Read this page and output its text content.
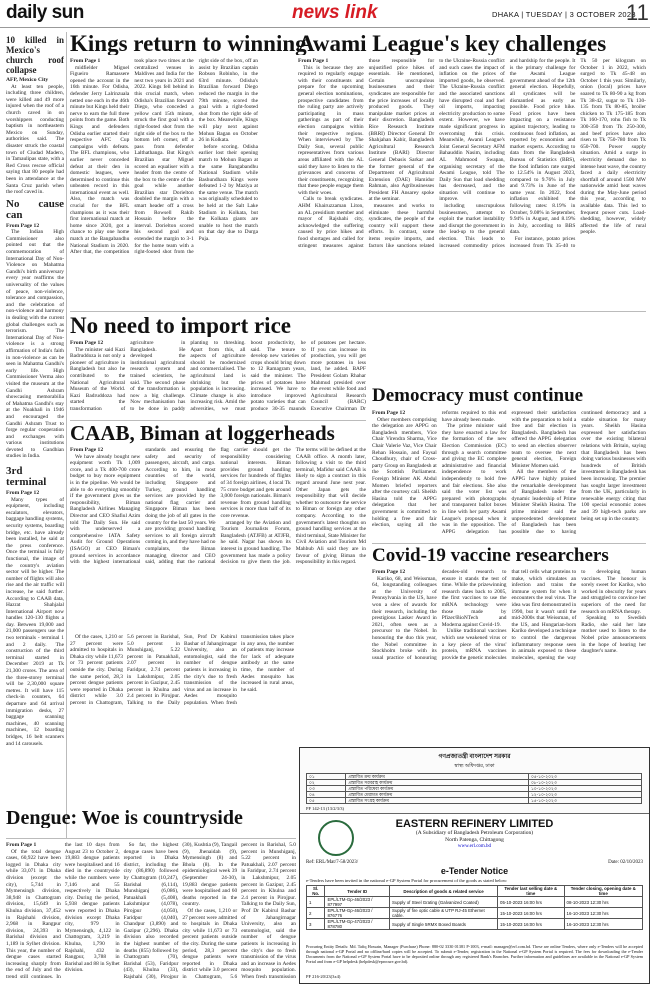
daily sun	news link	DHAKA | TUESDAY | 3 OCTOBER 2023
11
10 killed in Mexico's church roof collapse
AFP, Mexico City

At least ten people, including three children, were killed and 49 more injured when the roof of a church caved in on worshippers conducting baptism in northeastern Mexico on Sunday, authorities said. The disaster struck the coastal town of Ciudad Madero, in Tamaulipas state, with a Red Cross rescue official saying that 80 people had been in attendance at the Santa Cruz parish when the roof caved in.

No cause can
From Page 12

The Indian High Commissioner also pointed out that the commemoration of International Day of Non-Violence on Mahatma Gandhi's birth anniversary every year reaffirms the universality of the values of peace, non-violence, tolerance and compassion, and the celebration of non-violence and harmony in dealing with the current global challenges such as terrorism. The International Day of Non-violence is a strong affirmation of India's faith in non-violence as can be seen in Mahatma Gandhi's early life. High Commissioner Verma also visited the museum at the Gandhi Ashram showcasing memorabilia of Mahatma Gandhi's stay at the Noakhali in 1946 and encouraged the Gandhi Ashram Trust to forge regular cooperation and exchanges with various institutions devoted to Gandhian studies in India.

3rd terminal
From Page 12

Many types of equipment, including escalators, elevators, baggage handling systems, security systems, boarding bridge, etc. have already been installed, he said at the press conference. Once the terminal is fully functional, the image of the country's aviation sector will be higher. The number of flights will also rise and the air traffic will increase, he said further. According to CAAB data, Hazrat Shahjalal International Airport now handles 120-130 flights a day. Between 19,000 and 21,000 passengers use the two terminals - terminal 1 and 2 daily. The construction of the third terminal started in December 2019 at Tk 21,300 crores. The area of the three-storey terminal will be 2,30,000 square metres. It will have 115 check-in counters, 64 departure and 64 arrival immigration desks, 27 baggage scanning machines, 40 scanning machines, 12 boarding bridges, 16 belt scanners and 14 carousels.

Kings return to winning
From Page 1

midfielder Miguel Figueiro Ramassere opened the account in the 16th minute. For Odisha, defender Jerry Lalrinzuala netted one each in the 46th minute but Kings held their nerve to earn the full three points from the game. Both Kings and defenders Odisha earlier started their respective AFC Cup campaigns with defeats. The BFL champions, who earlier never conceded defeat at their den in domestic leagues, were determined to continue this unbeaten record in this international event as well. Also, the match was crucial for the BFL champions as it was their first international match at home since 2020, got a chance to play one home match at the Bangabandhu National Stadium in 2020. After that, the competition took place two times at the centralized venues in Maldives and India for the next two years in 2021 and 2022. Kings fell behind in this crucial match, when Odisha's Brazilian forward Diego, who conceded a yellow card 15th minute, struck the first goal with a right-footed shot from the right side of the box to the bottom left corner, off a pass from defender Lalthathanga. But Kings's Brazilian star Miguel scored an equaliser with a header from the centre of the box to the centre of the goal while another Brazilian star Dorielton doubled the margin with a smart header off a cross from Rowsell Rakib Hossain before the interval. Dorielton scored his second goal and extended the margin to 3-1 for the home team with a right-footed shot from the right side of the box, off an assist by Brazilian captain Robson Robinho, in the 63rd minute. Odisha's Brazilian forward Diego reduced the margin in the 79th minute, scored the goal with a right-footed shot from the right side of the box. Meanwhile, Kings will play next against Mohun Bagan on October 26 in Kolkata.

before scoring. Odisha earlier lost their opening match to Mohun Bagan at the same Bangabandhu National Stadium while Bashundhara Kings were defeated 1-2 by Maziya at the same venue. The match was originally scheduled to be held at the Salt Lake Stadium in Kolkata, but the Kolkata giants are unable to host the match on that day due to Durga Puja.

Awami League's key challenges
From Page 1

This is because they are required to regularly engage with their constituents and prepare for the upcoming general election nominations, prospective candidates from the ruling party are actively participating in mass gatherings as part of their election campaigns within their respective regions. When interviewed by The Daily Sun, several public representatives from various areas affiliated with the AL said they have to listen to the grievances and concerns of their constituents, recognizing that these people engage them with their woes.

Calls to break syndicates. AHM Khairuzzaman Liton, an AL presidium member and mayor of Rajshahi city, acknowledged the suffering caused by price hikes and food shortages and called for stringent measures against those responsible for unjustified price hikes of essentials. He mentioned, Certain unscrupulous businessmen and their syndicates are responsible for the price increases of locally produced goods. They manipulate market prices at their discretion. Bangladesh Rice Research Institute (BRRI) Director General Dr Shahjahan Kabir, Bangladesh Agricultural Research Institute (BARI) Director General Debasis Sarkar and the former general of the Department of Agricultural Extension (DAE) Hamidur Rahman, also Agribusinesses President FH Ansarey spoke at the seminar.

measures and works to eliminate these harmful syndicates, the people of the country will support these efforts. In contrast, some items require imports, and factors like sanctions related to the Ukraine-Russia conflict and such cases the impact of inflation on the prices of imported goods, he observed. The Ukraine-Russia conflict and the associated sanctions have disrupted coal and fuel oil imports, impacting electricity production to some extent. However, we have made significant progress in overcoming this crisis. Meanwhile, Awami League's Joint General Secretary AFM Bahauddin Nasim, including AL Mahmood Swapan, organising secretary of the Awami League, told The Daily Sun that load shedding has decreased, and the situation will continue to improve.

including unscrupulous businessmen, attempt to exploit the market instability and disrupt the government in the lead-up to the general election. This leads to increased commodity prices and hardship for the people. It is the primary challenge for the Awami League government ahead of the 12th general election. Hopefully, all syndicates will be dismantled as early as possible. Food price hike. Food prices have been impacting on a resistance against trajectory, leading to continuous food inflation, as reported by economists and market experts. According to data from the Bangladesh Bureau of Statistics (BBS), the food inflation rate surged to 12.54% in August 2023, compared to 9.76% in July and 9.73% in June of the same year. In 2022, food inflation exhibited the following rates: 8.19% in October, 9.08% in September, 9.94% in August, and 8.19% in July, according to BBS data.

For instance, potato prices increased from Tk 35-40 to Tk 50 per kilogram on October 1 in 2022, which surged to Tk 45-48 on October 1 this year. Similarly, onion (local) prices have soared to Tk 80-90 a kg from Tk 38-42, sugar to Tk 130-135 from Tk 80-85, broiler chicken to Tk 175-185 from Tk 160-170, rohu fish to Tk 300-350 from Tk 250-300, and beef prices have also risen to Tk 750-780 from Tk 650-700. Power supply situation. Amid a surge in electricity demand due to intense heat wave, the country faced a daily electricity shortfall of around 1500 MW nationwide amid heat waves during the May-June period this year, according to available data. This led to frequent power cuts. Load-shedding, however, widely affected the life of rural people.

No need to import rice
From Page 12

The minister said Kazi Badruddoza is not only a pioneer of agriculture in Bangladesh but also he contributed to the National Agricultural Museum of the World. Kazi Badruddoza had started the transformation of agriculture in Bangladesh. He developed the institutional agricultural research system and trained scientists, he said. The second phase of the transformation is now a big challenge. Now mechanisation has to be done in paddy planting to threshing. Apart from this, all aspects of agriculture should be modernized and commercialised. The agricultural land is shrinking but the population is increasing. Climate change is also increasing risk. Amid the adversities, we must boost productivity, he said. The tenure to develop new varieties of crops should bring down to 12 Ramagram years, said the minister. The prices of potatoes have increased. We have to introduce improved potato varieties that can produce 30-35 maunds of potatoes per hectare. If you can increase its production, you will get more potatoes in less land, he added. BAPF President Golam Rhahar Mahmud presided over the event while food and Agricultural Research Council (BARC) Executive Chairman Dr

Democracy must continue
From Page 12

Other members comprising the delegation are APPG on Bangladesh members, Vice Chair Virendra Sharma, Vice Chair Valerie Vaz, Vice Chair Rehan Hossain, and Faysal Choudhury, chair of Cross-party Group on Bangladesh at the Scottish Parliament. Foreign Minister AK Abdul Momen briefed reporters after the courtesy call. Sheikh Hasina told the APPG delegation that her government is committed to holding a free and fair election, saying all the reforms required to this end have already been made.

The prime minister said they have enacted a law for the formation of the new Election Commission (EC) through a search committee and giving the EC complete administrative and financial independence to work independently to hold free and fair elections. She also said the voter list was prepared with photographs and transparent ballot boxes in line with her party Awami League's proposal when it was in the opposition. The APPG delegation has expressed their satisfaction with the preparation to hold a free and fair election in Bangladesh. Bangladesh has offered the APPG delegation to send an election observer team to oversee the next general election, Foreign Minister Momen said.

All the members of the APPG have highly praised the remarkable development of Bangladesh under the dynamic leadership of Prime Minister Sheikh Hasina. The prime minister said the unprecedented development of Bangladesh has been possible due to having continued democracy and a stable situation for many years. Sheikh Hasina expressed her satisfaction over the existing bilateral relations with Britain, saying that Bangladesh has been doing various businesses with hundreds of British investment in Bangladesh has been increasing. The premier has sought larger investment from the UK, particularly in renewable energy citing that 100 special economic zones and 39 high-tech parks are being set up in the country.

CAAB, Biman at loggerheads
From Page 12

We have already bought new equipment worth Tk 1,009 crore, and a Tk 400-700 crore budget to buy more equipment is in the pipeline. We would be able to do everything smoothly if the government gives us the responsibility, Biman Bangladesh Airlines Managing Director and CEO Shafiul Azim told The Daily Sun. He said with underserved a comprehensive IATA Safety Audit for Ground Operations (ISAGO) at CEO Biman's ground services in accordance with the highest international standards and ensuring the safety and security of passengers, aircraft, and cargo. According to him, in most countries of the world, including Singapore and Turkey, ground handling services are provided by the national flag carrier and Singapore Biman has been doing the job of all gates in the country for the last 50 years. We are providing ground handling services to all foreign aircraft coming in, and they have had no complaints, the Biman managing director and CEO said, adding that the national flag carrier should get the responsibility considering national interests. Biman provides ground handling services for hundreds of flights of 34 foreign airlines, 4 local Tk 75 crore budget and gets around 3,000 foreign nationals. Biman's revenue from ground handling services is more than half of its core revenue.

arranged by the Aviation and Tourism Journalists Forum, Bangladesh (ATJFB) at ATJFB, he said. Nagar has shown its interest in ground handling. The government has made a policy decision to give them the job. The terms will be defined at the CAAB office. A month later, following a visit to the third terminal, Mafidur said CAAB is likely to sign a contract in this regard around June next year. Other Japan gets the responsibility that will decide whether to outsource the service to Biman or foreign any other company. According to the government's latest thoughts on ground handling services at the third terminal, State Minister for Civil Aviation and Tourism Md Mahbub Ali said they are in favour of giving Biman the responsibility in this regard. Covid-19 vaccine researchers
From Page 12

Kariko, 68, and Weissman, 64, longstanding colleagues at the University of Pennsylvania in the US, have won a slew of awards for their research, including the prestigious Lasker Award in 2021, often seen as a precursor to the Nobel. In honouring the duo this year, the Nobel committee in Stockholm broke with its usual practice of honouring decades-old research to ensure it stands the test of time. While the prizewinning research dates back to 2005, the first vaccines to use the mRNA technology were those made by Pfizer/BioNTech and Moderna against Covid-19.

Unlike traditional vaccines which use weakened virus or a key piece of the virus' protein, mRNA vaccines provide the genetic molecules that tell cells what proteins to make, which simulates an infection and trains the immune system for when it encounters the real virus. The idea was first demonstrated in 1990, but it wasn't until the mid-2000s that Weissman, of the US, and Hungarian-born Kariko developed a technique to control the dangerous inflammatory response seen in animals exposed to these molecules, opening the way to developing human vaccines. The honour is sorely sweet for Kariko, who worked in obscurity for years and struggled to convince her superiors of the need for research on mRNA therapy.

Speaking to Swedish Radio, she said her late mother used to listen to the Nobel prize announcements in the hope of hearing her daughter's name.

Dengue: Woe is countryside
From Page 1

Of the total dengue cases, 60,922 have been logged in Dhaka city while 33,071 in Dhaka division (except the city), 5,744 in Mymensingh division, 38,948 in Chattogram division, 15,649 in Khulna division, 37,452 in Rajshahi division, 2,968 in Rangpur division, 24,393 in Barishal division and 1,189 in Sylhet division. This year, the number of dengue cases started increasing sharply from the end of July and the trend still continues. In the last 10 days from August 23 to October 2, 19,883 dengue patients were hospitalised and 16 died in the countryside while the numbers were 7,146 and 55 respectively in Dhaka city. During the period, 5,938 dengue patients were reported in Dhaka division except Dhaka city, 979 in Mymensingh, 4,122 in Chattogram, 3,219 in Khulna, 1,790 in Rajshahi, 432 in Rangpur, 3,788 in Barishal and 88 in Sylhet division.

So far, the highest dengue cases have been reported in Dhaka district, including the city (86,890) followed by Chattogram (10,247), Barishal (6,114), Munshiganj (6,086), Patuakhali (5,408), Lakshmipur (4,078), Pirojpur (4,050), Faridpur (4,040), Chandpur (3,890) and Gazipur (2,296). Dhaka division also recorded the highest number of deaths (855) followed by Chattogram (70), Barishal (53), Faridpur (43), Khulna (33), Rajshahi (30), Pirojpur (30), Kushtia (9), Tangail (9), Jhenaidah (9), Mymensingh (8) and Bhola (8). In the epidemiological week 39 (September 24-30), 19,883 dengue patients were hospitalised and 60 deaths reported in the country.

Of the cases, 1,210 or 27 percent were admitted to hospitals in Dhaka city while 11,673 or 73 percent patients outside the city. During the same period, 28,3 percent dengue patients were reported in Dhaka district while 3.0 percent in Chattogram, 5.6 percent in Barishal, 5.0 percent in Munshiganj, 5.22 percent in Patuakhali, 2.07 percent in Faridpur, 2.74 percent in Lakshmipur, 2.05 percent in Gazipur, 2.45 percent in Khulna and 2.4 percent in Pirojpur. Talking to the Daily Sun, Prof Dr Kabirul Bashar of Jahangirnagar University, also an entomologist, said the number of dengue patients is increasing in the city's due to fresh transmission of the virus and an increase in Aedes mosquito population. When fresh transmission

Of the cases, 1,210 or 27 percent were admitted to hospitals in Dhaka city while 11,673 or 73 percent patients outside the city. During the same period, 28,3 percent dengue patients were reported in Dhaka district while 3.0 percent in Chattogram, 5.6 percent in Barishal, 5.0 percent in Munshiganj, 5.22 percent in Patuakhali, 2.07 percent in Faridpur, 2.74 percent in Lakshmipur, 2.05 percent in Gazipur, 2.45 percent in Khulna and 2.4 percent in Pirojpur. Talking to the Daily Sun, Prof Dr Kabirul Bashar of Jahangirnagar University, also an entomologist, said the number of dengue patients is increasing in the city's due to fresh transmission of the virus and an increase in Aedes mosquito population. When fresh transmission takes place in any area, the number of patients may increase for lack of adequate antibody at the same time, the number of Aedes mosquito has increased in rural areas, he said.

গণপ্রজাতন্ত্রী বাংলাদেশ সরকার
স্বাস্থ্য অধিদপ্তর, ঢাকা
০১	প্রস্তাবিত ক্রয় কার্যক্রম	০৫-১০-২০২৩
০২	প্রস্তাবিত সরবরাহ কার্যক্রম	০৮-১০-২০২৩
০৩	প্রস্তাবিত পরিষেবা কার্যক্রম	১০-১০-২০২৩
০৪	প্রস্তাবিত মেরামত কার্যক্রম	১২-১০-২০২৩
০৫	প্রস্তাবিত সংগ্রহ কার্যক্রম	১৫-১০-২০২৩
PF 142-13 (13/2/3/3)
EASTERN REFINERY LIMITED
(A Subsidiary of Bangladesh Petroleum Corporation)
North Patenga, Chittagong
www.erl.com.bd
Ref: ERL/Mat/7-58/2023/	Date: 02/10/2023
e-Tender Notice
e-Tenders have been invited in the national e-GP System Portal for procurement of the goods as stated below:
Sl. No.	Tender ID	Description of goods & related service	Tender last selling date & time	Tender closing, opening date & time
1	EPL/LTM-Gp-46/2023 / 877997	Supply of Steel Grating (Galvanized Coated)	05-10-2023 16:00 hrs	08-10-2023 12:30 hrs
2	EPL/LTM-Gp-46/2023 / 876776	Supply of fire optic cable & UTP RJ-45 Ethernet cable.	15-10-2023 16:00 hrs	16-10-2023 12:30 hrs
3	EPL/LTM-Gp-47/2023 / 878780	Supply of Single 5RMX Boxed Boards	15-10-2023 16:00 hrs	16-10-2023 12:30 hrs
Procuring Entity Details: Md. Tafiq Hossain, Manager (Purchase) Phone: 880-02 3330 01381 P-1003, e-mail: manager@erl.com.bd. These are online Tenders, where only e-Tenders will be accepted through national e-GP Portal and no offline/hard copies will be accepted. To submit e-Tender, registration in the National e-GP System Portal is required. The fees for downloading the e-Tender Documents from the National e-GP System Portal have to be deposited online through any registered Bank's Branches. Further information and guidelines are available in the National e-GP System Portal and from e-GP helpdesk (helpdesk@eprocure.gov.bd).
PF 216-20/23(3x4)
